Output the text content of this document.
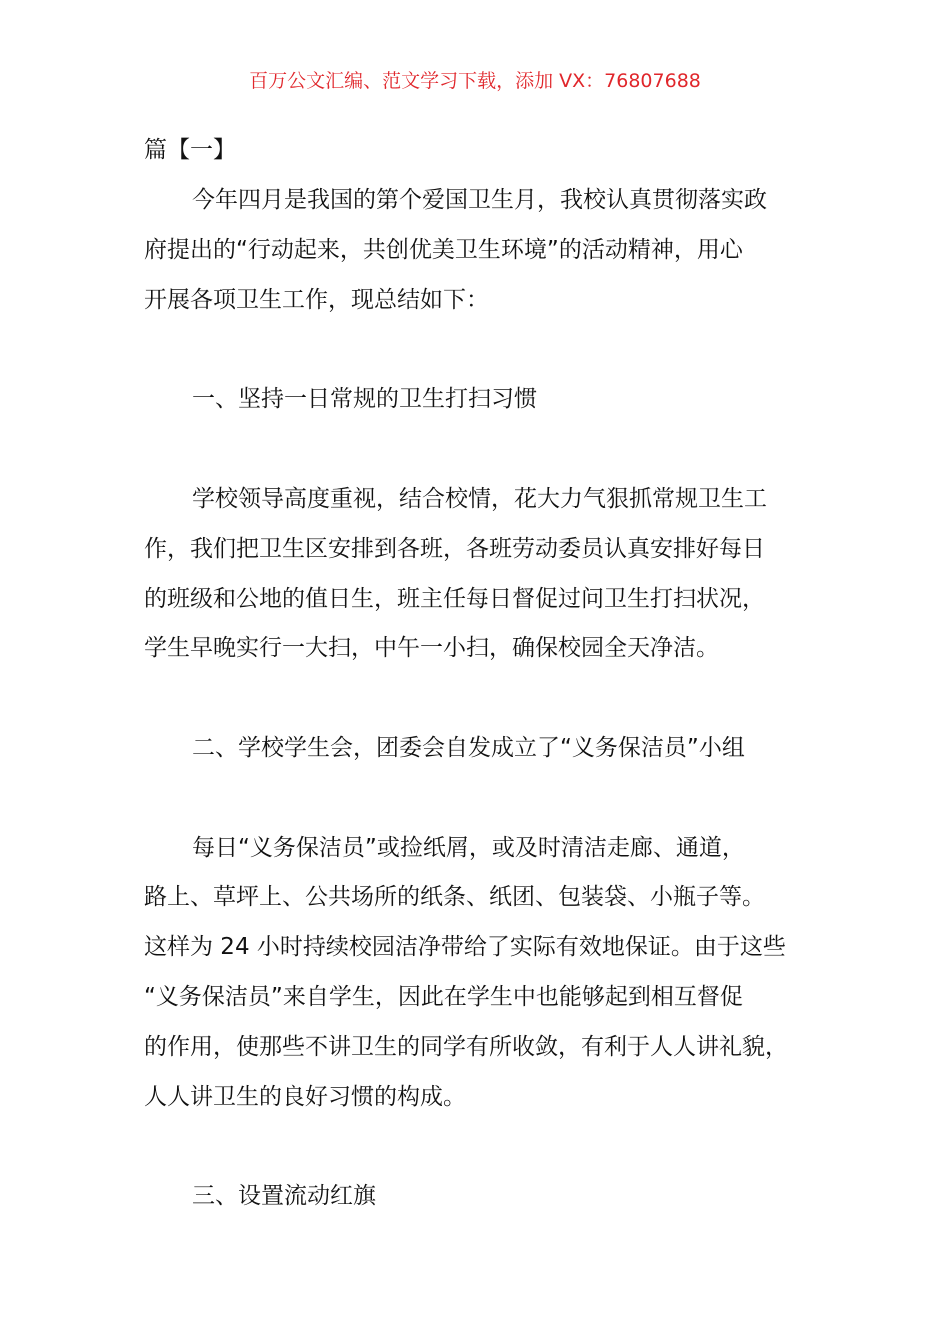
百万公文汇编、范文学习下载，添加 VX：76807688
篇【一】
今年四月是我国的第个爱国卫生月，我校认真贯彻落实政
府提出的“行动起来，共创优美卫生环境”的活动精神，用心
开展各项卫生工作，现总结如下：
一、坚持一日常规的卫生打扫习惯
学校领导高度重视，结合校情，花大力气狠抓常规卫生工
作，我们把卫生区安排到各班，各班劳动委员认真安排好每日
的班级和公地的值日生，班主任每日督促过问卫生打扫状况，
学生早晚实行一大扫，中午一小扫，确保校园全天净洁。
二、学校学生会，团委会自发成立了“义务保洁员”小组
每日“义务保洁员”或捡纸屑，或及时清洁走廊、通道，
路上、草坪上、公共场所的纸条、纸团、包装袋、小瓶子等。
这样为 24 小时持续校园洁净带给了实际有效地保证。由于这些
“义务保洁员”来自学生，因此在学生中也能够起到相互督促
的作用，使那些不讲卫生的同学有所收敛，有利于人人讲礼貌，
人人讲卫生的良好习惯的构成。
三、设置流动红旗
